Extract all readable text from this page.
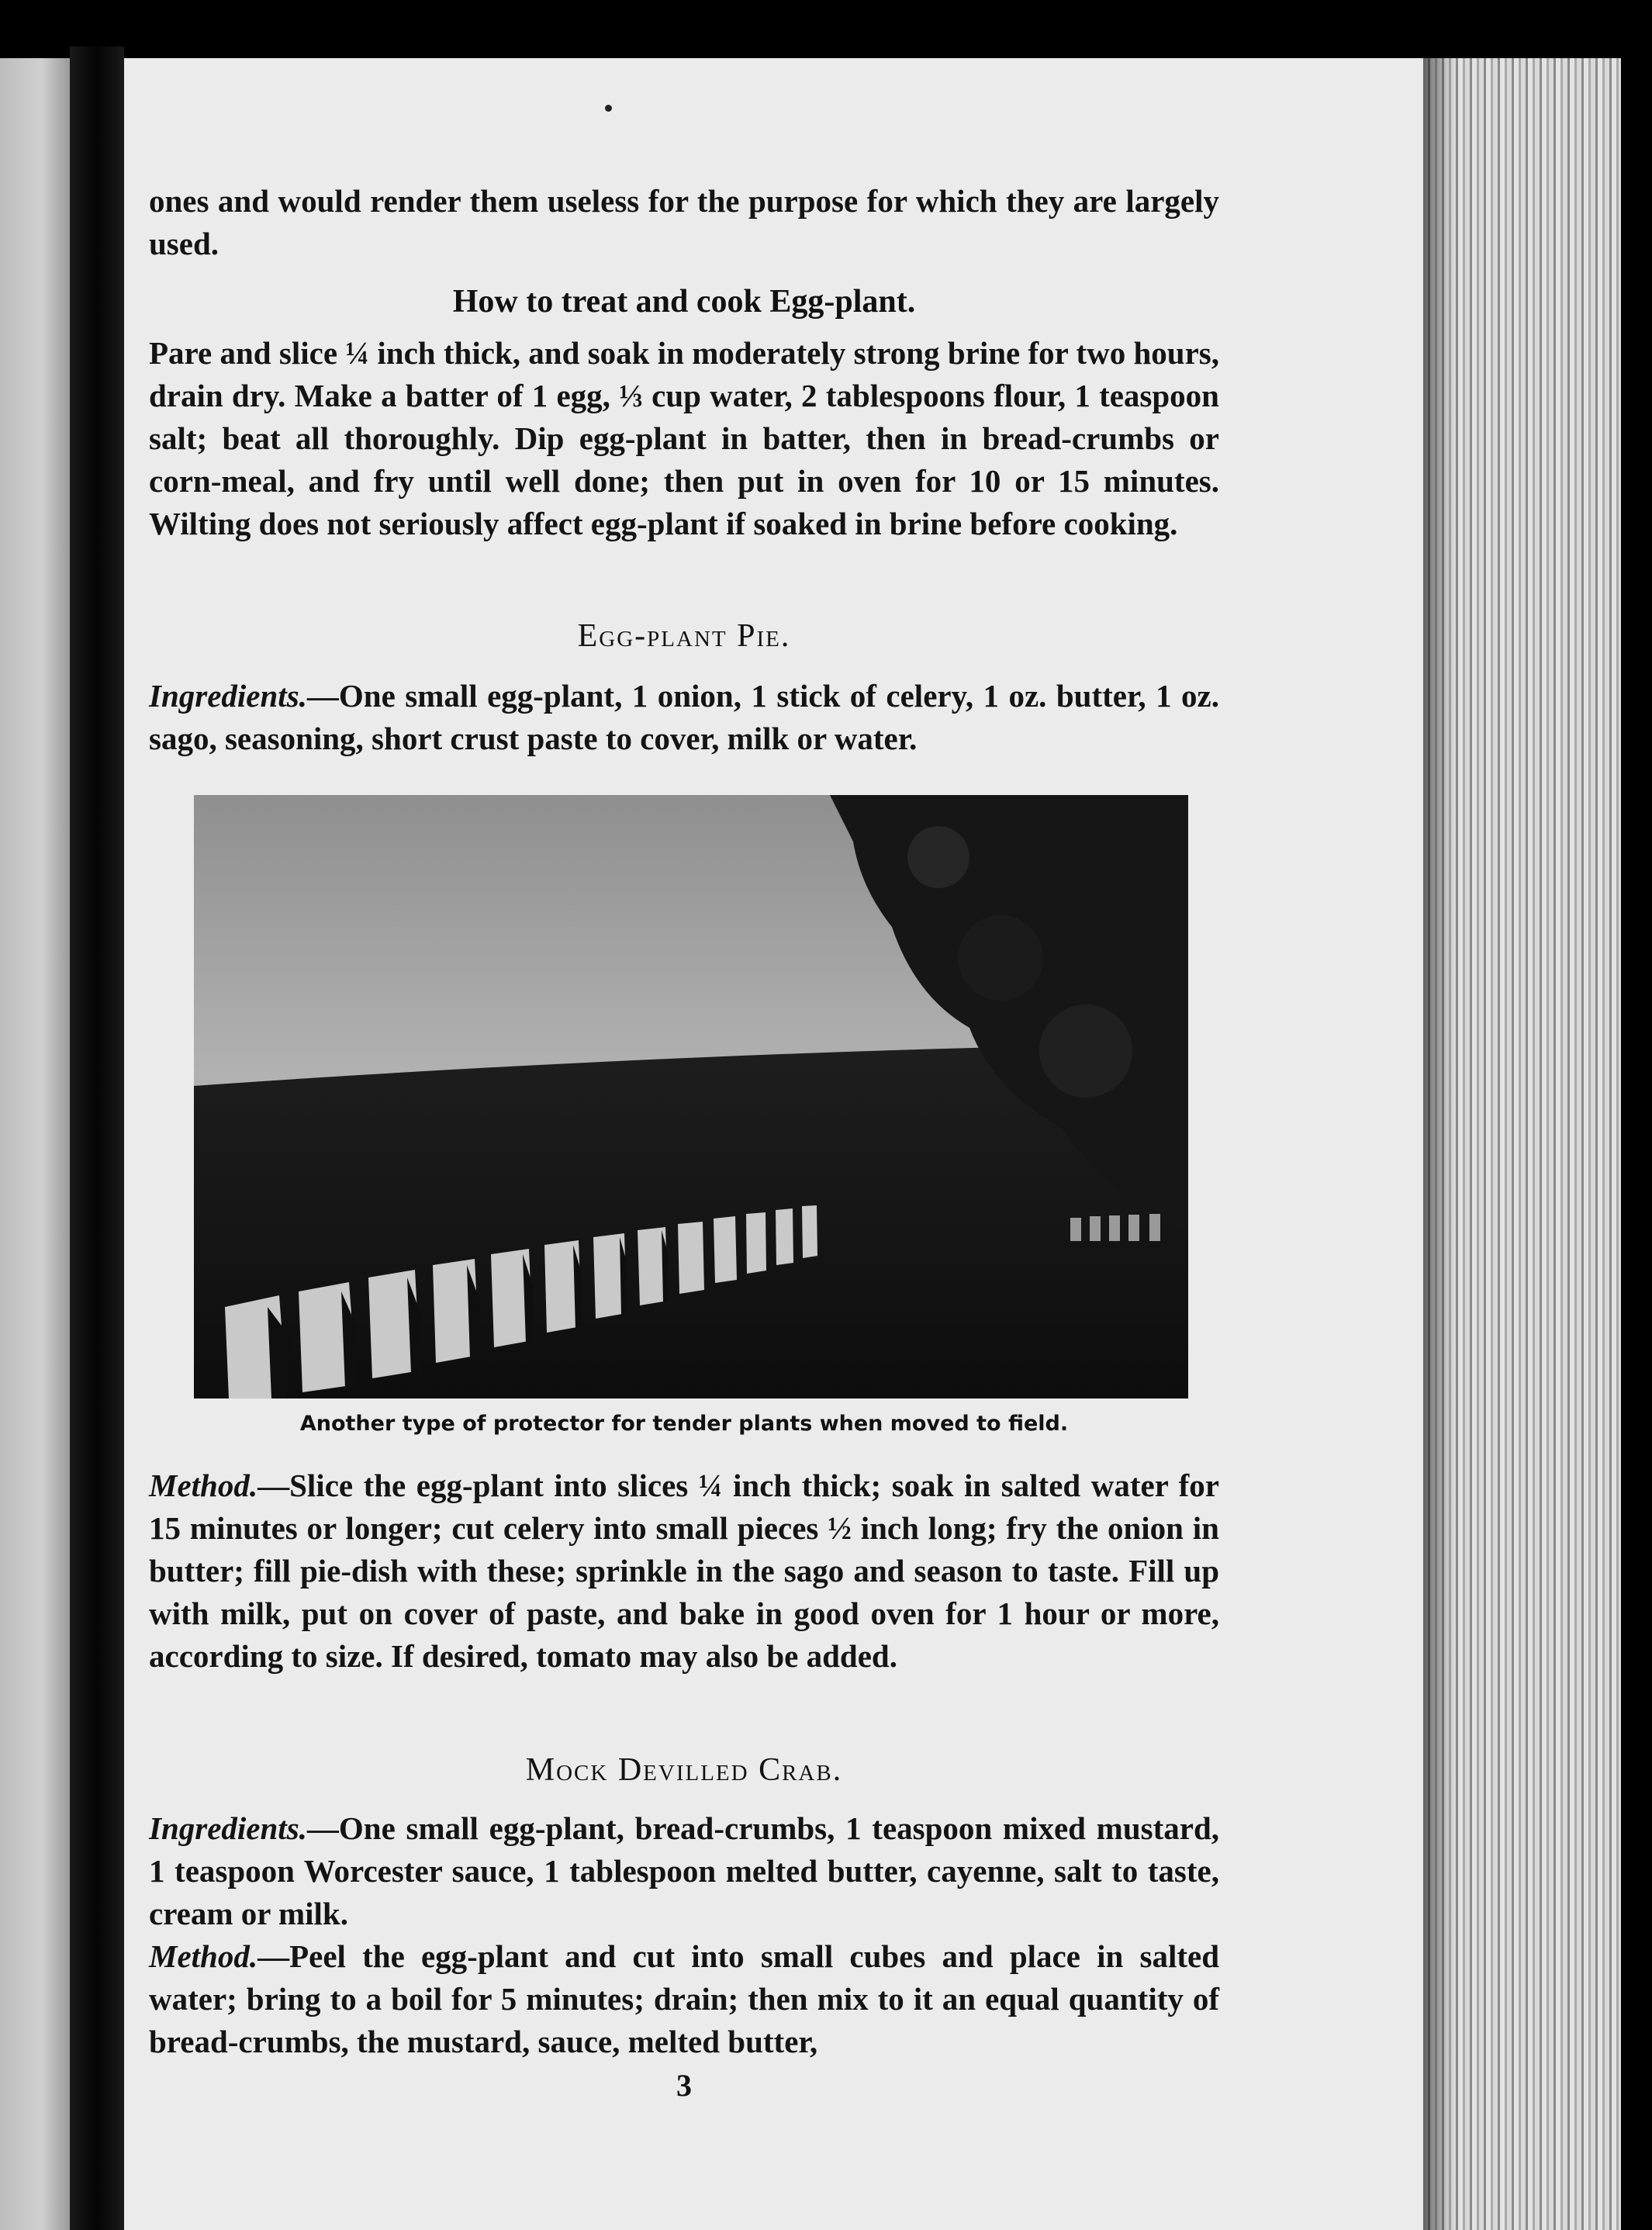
ones and would render them useless for the purpose for which they are largely used.

How to treat and cook Egg-plant.

Pare and slice ¼ inch thick, and soak in moderately strong brine for two hours, drain dry. Make a batter of 1 egg, ⅓ cup water, 2 tablespoons flour, 1 teaspoon salt; beat all thoroughly. Dip egg-plant in batter, then in bread-crumbs or corn-meal, and fry until well done; then put in oven for 10 or 15 minutes. Wilting does not seriously affect egg-plant if soaked in brine before cooking.

Egg-plant Pie.

Ingredients.—One small egg-plant, 1 onion, 1 stick of celery, 1 oz. butter, 1 oz. sago, seasoning, short crust paste to cover, milk or water.

Another type of protector for tender plants when moved to field.

Method.—Slice the egg-plant into slices ¼ inch thick; soak in salted water for 15 minutes or longer; cut celery into small pieces ½ inch long; fry the onion in butter; fill pie-dish with these; sprinkle in the sago and season to taste. Fill up with milk, put on cover of paste, and bake in good oven for 1 hour or more, according to size. If desired, tomato may also be added.

Mock Devilled Crab.

Ingredients.—One small egg-plant, bread-crumbs, 1 teaspoon mixed mustard, 1 teaspoon Worcester sauce, 1 tablespoon melted butter, cayenne, salt to taste, cream or milk.

Method.—Peel the egg-plant and cut into small cubes and place in salted water; bring to a boil for 5 minutes; drain; then mix to it an equal quantity of bread-crumbs, the mustard, sauce, melted butter,

3
